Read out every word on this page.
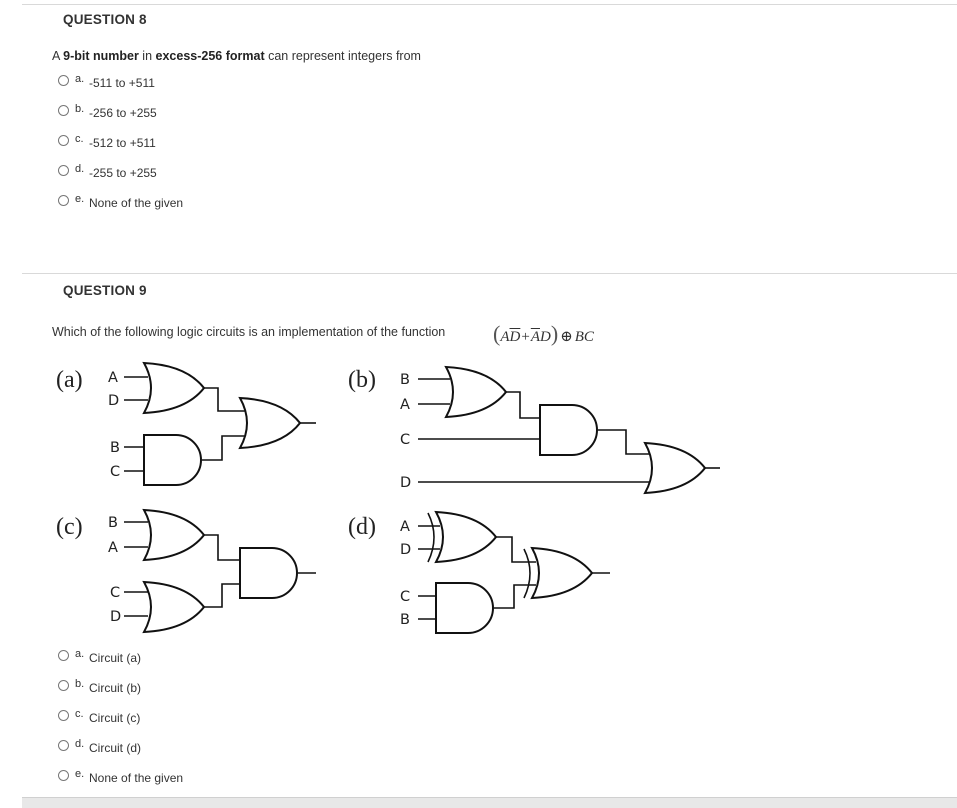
QUESTION 8
A 9-bit number in excess-256 format can represent integers from
a. -511 to +511
b. -256 to +255
c. -512 to +511
d. -255 to +255
e. None of the given
QUESTION 9
Which of the following logic circuits is an implementation of the function $(A\overline{D}+\overline{A}D)$ ⊕ BC
(a)	(b)
(c)	(d)
A
D
B
C
B
A
C
D
B
A
C
D
A
D
C
B
a. Circuit (a)
b. Circuit (b)
c. Circuit (c)
d. Circuit (d)
e. None of the given
